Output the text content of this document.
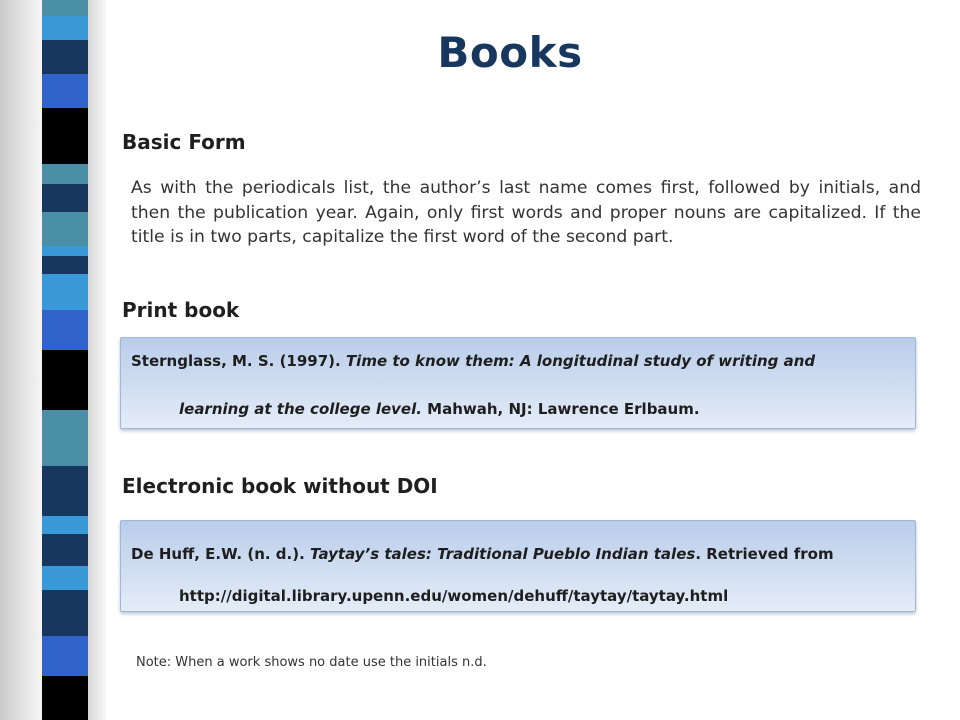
Books
Basic Form

As with the periodicals list, the author’s last name comes first, followed by initials, and then the publication year. Again, only first words and proper nouns are capitalized. If the title is in two parts, capitalize the first word of the second part.

Print book
Sternglass, M. S. (1997). Time to know them: A longitudinal study of writing and
learning at the college level. Mahwah, NJ: Lawrence Erlbaum.
Electronic book without DOI
De Huff, E.W. (n. d.). Taytay’s tales: Traditional Pueblo Indian tales. Retrieved from
http://digital.library.upenn.edu/women/dehuff/taytay/taytay.html
Note: When a work shows no date use the initials n.d.
